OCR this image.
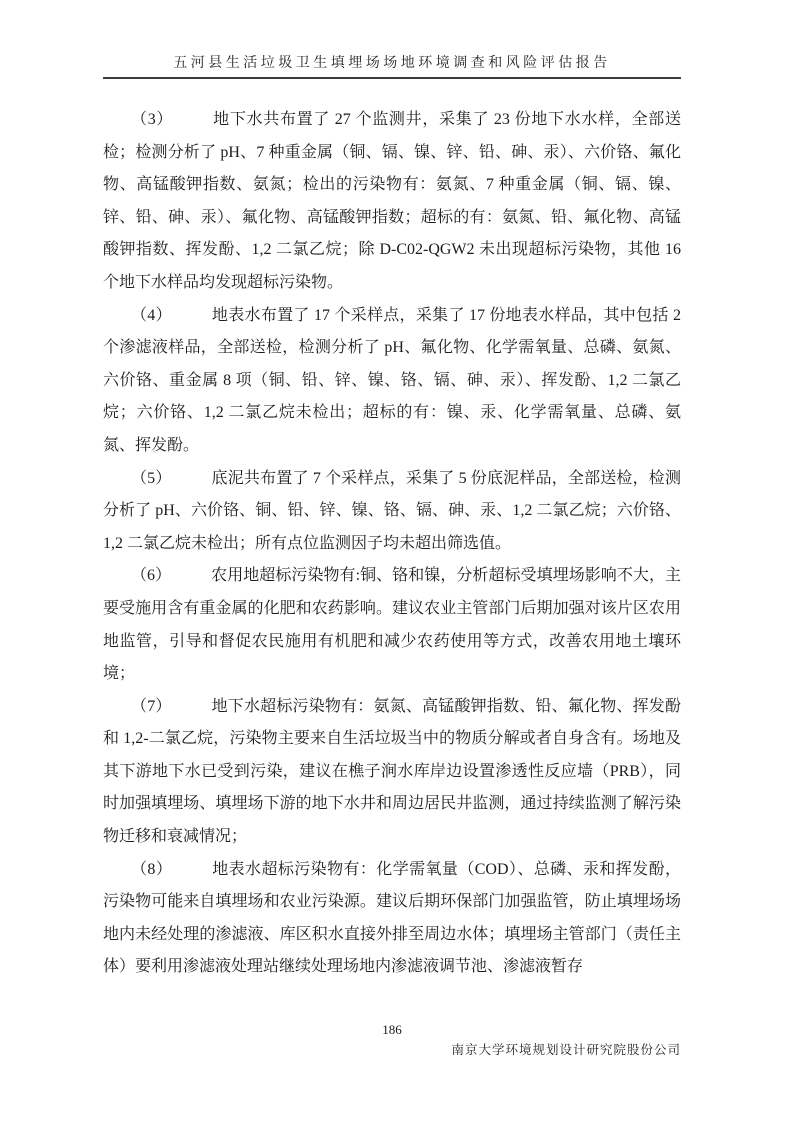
五河县生活垃圾卫生填埋场场地环境调查和风险评估报告

（3）	地下水共布置了 27 个监测井，采集了 23 份地下水水样，全部送检；检测分析了 pH、7 种重金属（铜、镉、镍、锌、铅、砷、汞）、六价铬、氟化物、高锰酸钾指数、氨氮；检出的污染物有：氨氮、7 种重金属（铜、镉、镍、锌、铅、砷、汞）、氟化物、高锰酸钾指数；超标的有：氨氮、铅、氟化物、高锰酸钾指数、挥发酚、1,2 二氯乙烷；除 D-C02-QGW2 未出现超标污染物，其他 16 个地下水样品均发现超标污染物。

（4）	地表水布置了 17 个采样点，采集了 17 份地表水样品，其中包括 2 个渗滤液样品，全部送检，检测分析了 pH、氟化物、化学需氧量、总磷、氨氮、六价铬、重金属 8 项（铜、铅、锌、镍、铬、镉、砷、汞）、挥发酚、1,2 二氯乙烷；六价铬、1,2 二氯乙烷未检出；超标的有：镍、汞、化学需氧量、总磷、氨氮、挥发酚。

（5）	底泥共布置了 7 个采样点，采集了 5 份底泥样品，全部送检，检测分析了 pH、六价铬、铜、铅、锌、镍、铬、镉、砷、汞、1,2 二氯乙烷；六价铬、1,2 二氯乙烷未检出；所有点位监测因子均未超出筛选值。

（6）	农用地超标污染物有:铜、铬和镍，分析超标受填埋场影响不大，主要受施用含有重金属的化肥和农药影响。建议农业主管部门后期加强对该片区农用地监管，引导和督促农民施用有机肥和减少农药使用等方式，改善农用地土壤环境；

（7）	地下水超标污染物有：氨氮、高锰酸钾指数、铅、氟化物、挥发酚和 1,2-二氯乙烷，污染物主要来自生活垃圾当中的物质分解或者自身含有。场地及其下游地下水已受到污染，建议在樵子涧水库岸边设置渗透性反应墙（PRB），同时加强填埋场、填埋场下游的地下水井和周边居民井监测，通过持续监测了解污染物迁移和衰减情况；

（8）	地表水超标污染物有：化学需氧量（COD）、总磷、汞和挥发酚，污染物可能来自填埋场和农业污染源。建议后期环保部门加强监管，防止填埋场场地内未经处理的渗滤液、库区积水直接外排至周边水体；填埋场主管部门（责任主体）要利用渗滤液处理站继续处理场地内渗滤液调节池、渗滤液暂存

186
南京大学环境规划设计研究院股份公司
